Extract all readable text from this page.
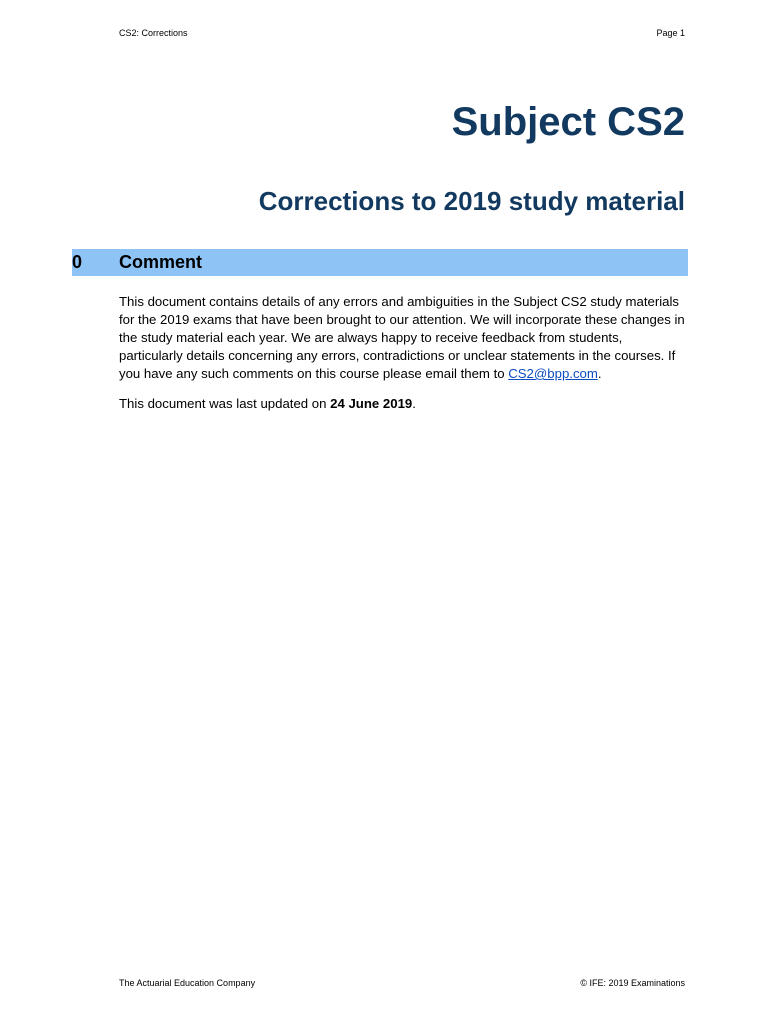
CS2: Corrections	Page 1
Subject CS2
Corrections to 2019 study material
0 Comment
This document contains details of any errors and ambiguities in the Subject CS2 study materials for the 2019 exams that have been brought to our attention. We will incorporate these changes in the study material each year. We are always happy to receive feedback from students, particularly details concerning any errors, contradictions or unclear statements in the courses. If you have any such comments on this course please email them to CS2@bpp.com.
This document was last updated on 24 June 2019.
The Actuarial Education Company	© IFE: 2019 Examinations
